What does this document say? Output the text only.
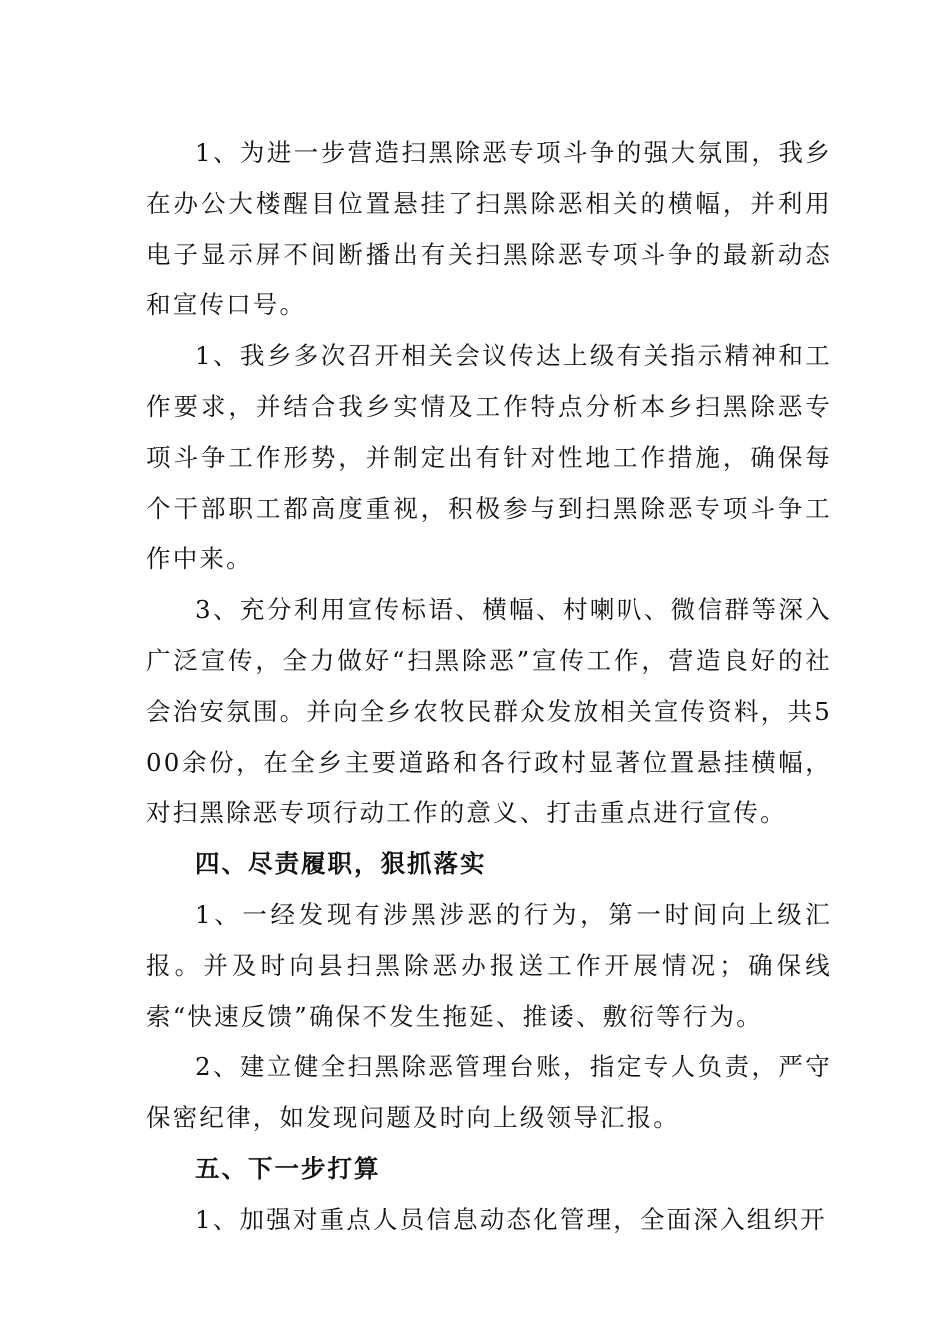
1、为进一步营造扫黑除恶专项斗争的强大氛围，我乡在办公大楼醒目位置悬挂了扫黑除恶相关的横幅，并利用电子显示屏不间断播出有关扫黑除恶专项斗争的最新动态和宣传口号。

1、我乡多次召开相关会议传达上级有关指示精神和工作要求，并结合我乡实情及工作特点分析本乡扫黑除恶专项斗争工作形势，并制定出有针对性地工作措施，确保每个干部职工都高度重视，积极参与到扫黑除恶专项斗争工作中来。

3、充分利用宣传标语、横幅、村喇叭、微信群等深入广泛宣传，全力做好“扫黑除恶”宣传工作，营造良好的社会治安氛围。并向全乡农牧民群众发放相关宣传资料，共500余份，在全乡主要道路和各行政村显著位置悬挂横幅，对扫黑除恶专项行动工作的意义、打击重点进行宣传。

四、尽责履职，狠抓落实

1、一经发现有涉黑涉恶的行为，第一时间向上级汇报。并及时向县扫黑除恶办报送工作开展情况；确保线索“快速反馈”确保不发生拖延、推诿、敷衍等行为。

2、建立健全扫黑除恶管理台账，指定专人负责，严守保密纪律，如发现问题及时向上级领导汇报。

五、下一步打算

1、加强对重点人员信息动态化管理，全面深入组织开
